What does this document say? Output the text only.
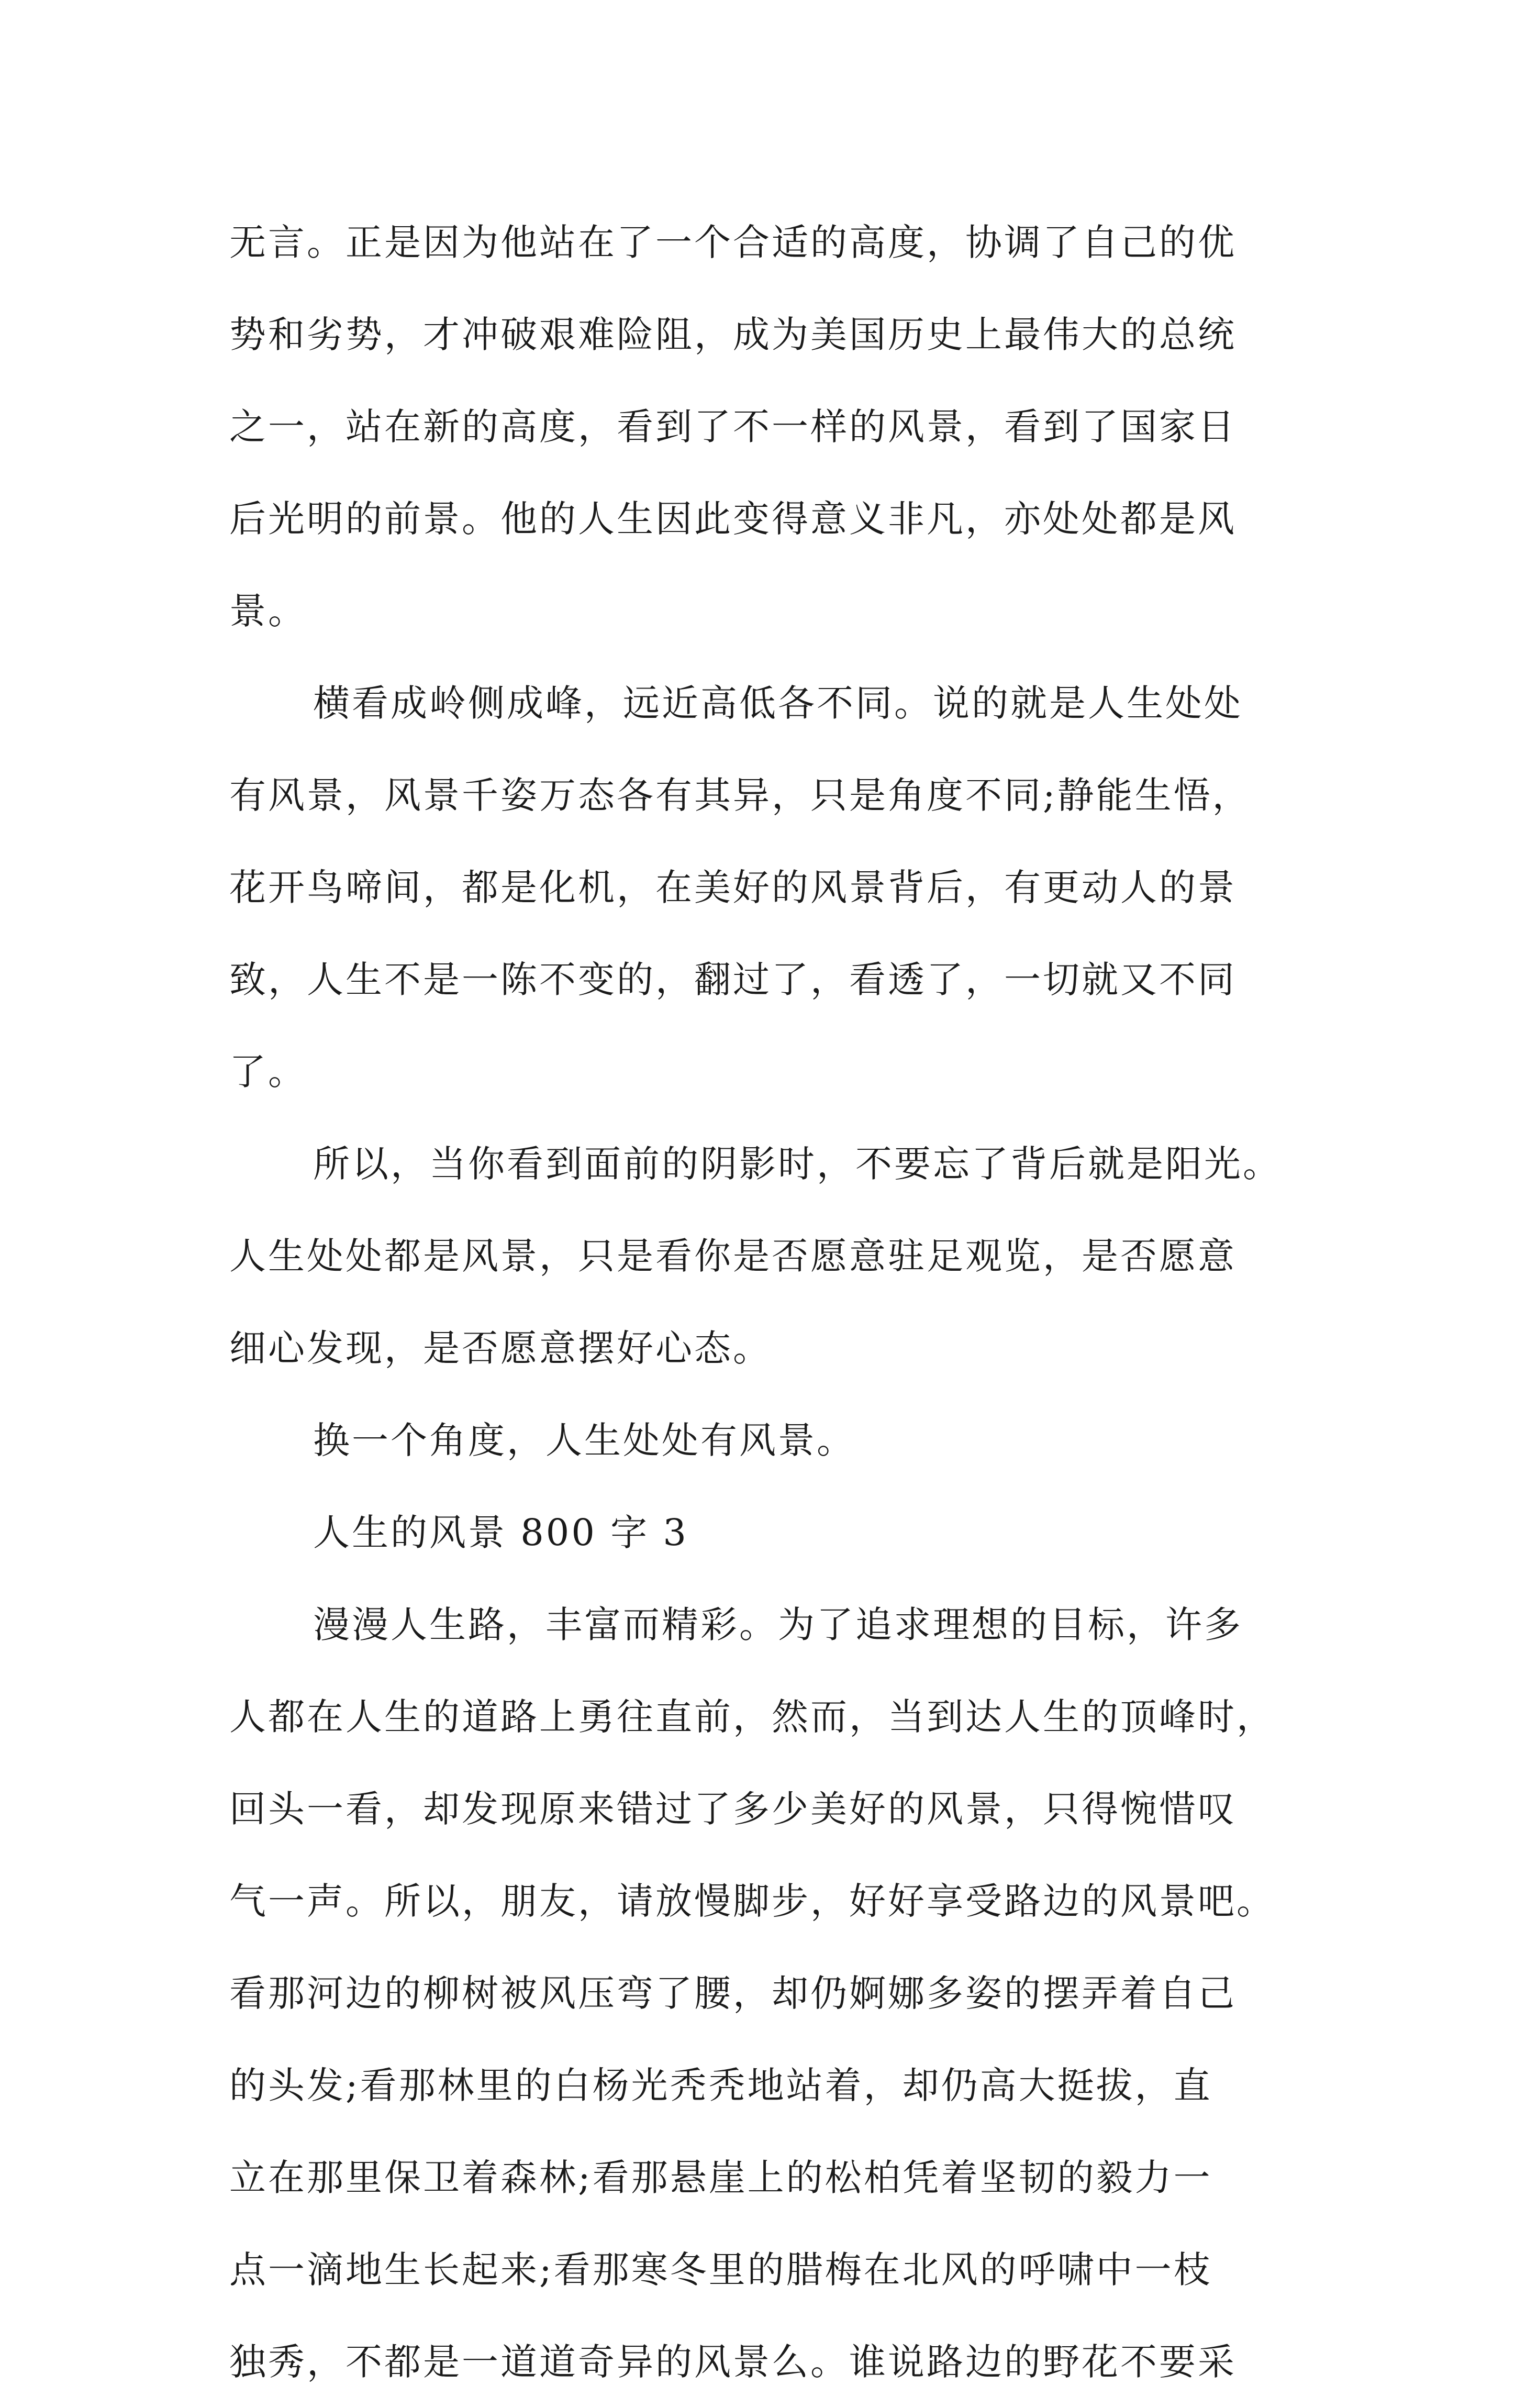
无言。正是因为他站在了一个合适的高度，协调了自己的优
势和劣势，才冲破艰难险阻，成为美国历史上最伟大的总统
之一，站在新的高度，看到了不一样的风景，看到了国家日
后光明的前景。他的人生因此变得意义非凡，亦处处都是风
景。
横看成岭侧成峰，远近高低各不同。说的就是人生处处
有风景，风景千姿万态各有其异，只是角度不同;静能生悟，
花开鸟啼间，都是化机，在美好的风景背后，有更动人的景
致，人生不是一陈不变的，翻过了，看透了，一切就又不同
了。
所以，当你看到面前的阴影时，不要忘了背后就是阳光。
人生处处都是风景，只是看你是否愿意驻足观览，是否愿意
细心发现，是否愿意摆好心态。
换一个角度，人生处处有风景。
人生的风景 800 字 3
漫漫人生路，丰富而精彩。为了追求理想的目标，许多
人都在人生的道路上勇往直前，然而，当到达人生的顶峰时，
回头一看，却发现原来错过了多少美好的风景，只得惋惜叹
气一声。所以，朋友，请放慢脚步，好好享受路边的风景吧。
看那河边的柳树被风压弯了腰，却仍婀娜多姿的摆弄着自己
的头发;看那林里的白杨光秃秃地站着，却仍高大挺拔，直
立在那里保卫着森林;看那悬崖上的松柏凭着坚韧的毅力一
点一滴地生长起来;看那寒冬里的腊梅在北风的呼啸中一枝
独秀，不都是一道道奇异的风景么。谁说路边的野花不要采
